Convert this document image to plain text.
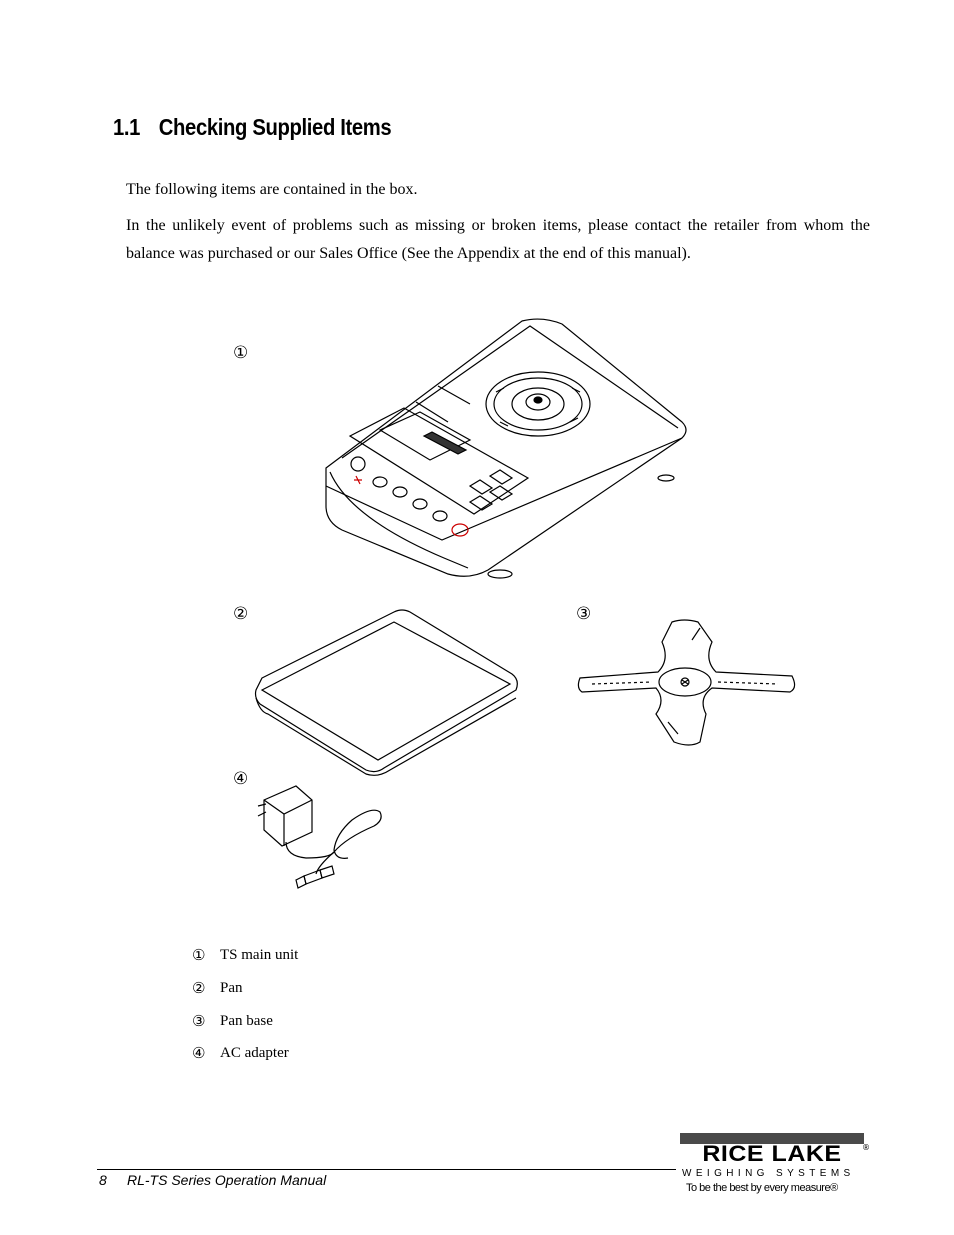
1.1 Checking Supplied Items
The following items are contained in the box.
In the unlikely event of problems such as missing or broken items, please contact the retailer from whom the balance was purchased or our Sales Office (See the Appendix at the end of this manual).
①
②	③
④
① TS main unit
② Pan
③ Pan base
④ AC adapter
8 RL-TS Series Operation Manual
RICE LAKE	®
WEIGHING SYSTEMS
To be the best by every measure®
